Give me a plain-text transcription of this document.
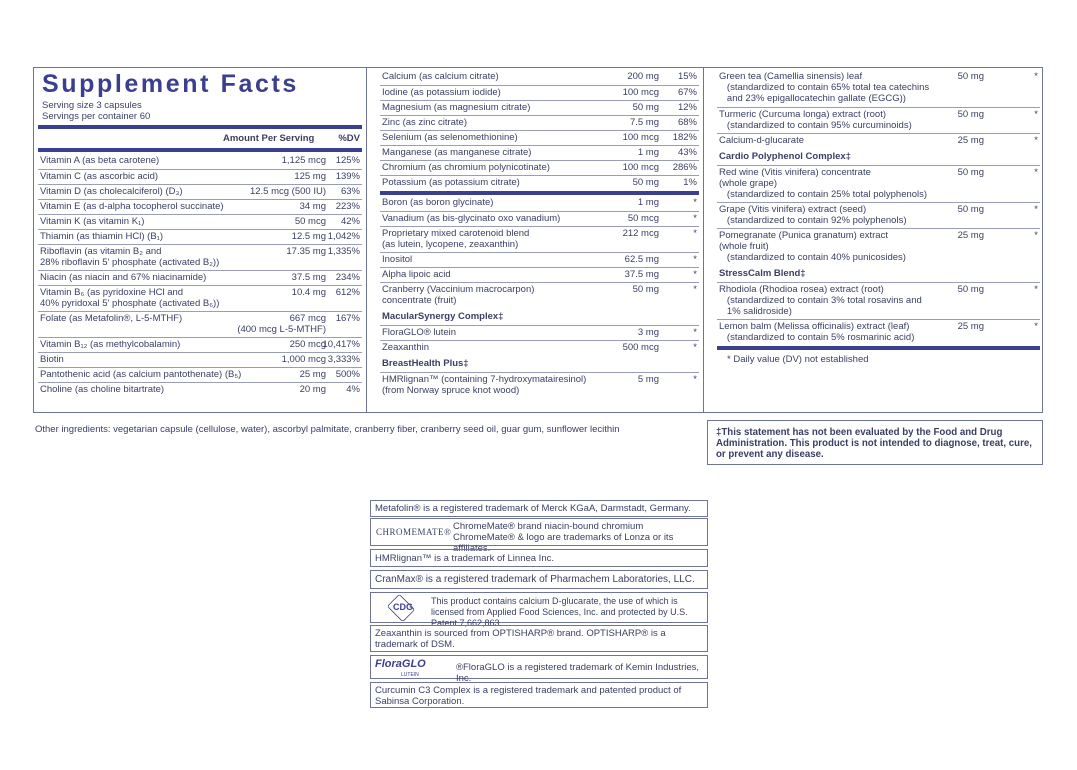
Supplement Facts
Serving size 3 capsules
Servings per container 60
Amount Per Serving	%DV
Vitamin A (as beta carotene)	1,125 mcg 125%
Vitamin C (as ascorbic acid)	125 mg 139%
Vitamin D (as cholecalciferol) (D₃)	12.5 mcg (500 IU) 63%
Vitamin E (as d-alpha tocopherol succinate)	34 mg 223%
Vitamin K (as vitamin K₁)	50 mcg 42%
Thiamin (as thiamin HCl) (B₁)	12.5 mg 1,042%
Riboflavin (as vitamin B₂ and
28% riboflavin 5' phosphate (activated B₂))
17.35 mg 1,335%
Niacin (as niacin and 67% niacinamide)	37.5 mg 234%
Vitamin B₆ (as pyridoxine HCl and
40% pyridoxal 5' phosphate (activated B₆))
10.4 mg 612%
Folate (as Metafolin®, L-5-MTHF)	667 mcg
(400 mcg L-5-MTHF)
167%
Vitamin B₁₂ (as methylcobalamin)	250 mcg
10,417%
Biotin	1,000 mcg 3,333%
Pantothenic acid (as calcium pantothenate) (B₅)	25 mg 500%
Choline (as choline bitartrate)	20 mg 4%
Calcium (as calcium citrate)	200 mg 15%
Iodine (as potassium iodide)	100 mcg 67%
Magnesium (as magnesium citrate)	50 mg 12%
Zinc (as zinc citrate)	7.5 mg 68%
Selenium (as selenomethionine)	100 mcg 182%
Manganese (as manganese citrate)	1 mg 43%
Chromium (as chromium polynicotinate)	100 mcg 286%
Potassium (as potassium citrate)	50 mg	1%
Boron (as boron glycinate)	1 mg	*
Vanadium (as bis-glycinato oxo vanadium)	50 mcg	*
Proprietary mixed carotenoid blend
(as lutein, lycopene, zeaxanthin)
212 mcg	*
Inositol	62.5 mg	*
Alpha lipoic acid	37.5 mg	*
Cranberry (Vaccinium macrocarpon)
concentrate (fruit)
50 mg	*
MacularSynergy Complex‡
FloraGLO® lutein	3 mg	*
Zeaxanthin	500 mcg	*
BreastHealth Plus‡
HMRlignan™ (containing 7-hydroxymatairesinol)
(from Norway spruce knot wood)
5 mg	*
Green tea (Camellia sinensis) leaf
(standardized to contain 65% total tea catechins
and 23% epigallocatechin gallate (EGCG))
50 mg	*
Turmeric (Curcuma longa) extract (root)
(standardized to contain 95% curcuminoids)
50 mg	*
Calcium-d-glucarate	25 mg	*
Cardio Polyphenol Complex‡
Red wine (Vitis vinifera) concentrate
(whole grape)
(standardized to contain 25% total polyphenols)
50 mg	*
Grape (Vitis vinifera) extract (seed)
(standardized to contain 92% polyphenols)
50 mg	*
Pomegranate (Punica granatum) extract
(whole fruit)
(standardized to contain 40% punicosides)
25 mg	*
StressCalm Blend‡
Rhodiola (Rhodioa rosea) extract (root)
(standardized to contain 3% total rosavins and
1% salidroside)
50 mg	*
Lemon balm (Melissa officinalis) extract (leaf)
(standardized to contain 5% rosmarinic acid)
25 mg	*
* Daily value (DV) not established
Other ingredients: vegetarian capsule (cellulose, water), ascorbyl palmitate, cranberry fiber, cranberry seed oil, guar gum, sunflower lecithin	‡This statement has not been evaluated by the Food and Drug Administration. This product is not intended to diagnose, treat, cure, or prevent any disease.
Metafolin® is a registered trademark of Merck KGaA, Darmstadt, Germany.
CHROMEMATE® ChromeMate® brand niacin-bound chromium ChromeMate® & logo are trademarks of Lonza or its affiliates.
HMRlignan™ is a trademark of Linnea Inc.
CranMax® is a registered trademark of Pharmachem Laboratories, LLC.
CDG
This product contains calcium D-glucarate, the use of which is licensed from Applied Food Sciences, Inc. and protected by U.S. Patent 7,662,863.
Zeaxanthin is sourced from OPTISHARP® brand. OPTISHARP® is a trademark of DSM.
FloraGLO
LUTEIN
®FloraGLO is a registered trademark of Kemin Industries, Inc.
Curcumin C3 Complex is a registered trademark and patented product of Sabinsa Corporation.
